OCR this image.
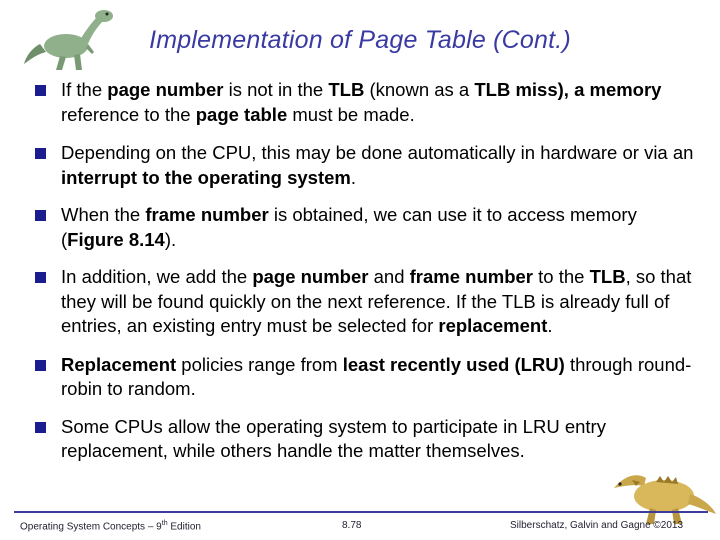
Implementation of Page Table (Cont.)
If the page number is not in the TLB (known as a TLB miss), a memory reference to the page table must be made.
Depending on the CPU, this may be done automatically in hardware or via an interrupt to the operating system.
When the frame number is obtained, we can use it to access memory (Figure 8.14).
In addition, we add the page number and frame number to the TLB, so that they will be found quickly on the next reference. If the TLB is already full of entries, an existing entry must be selected for replacement.
Replacement policies range from least recently used (LRU) through round-robin to random.
Some CPUs allow the operating system to participate in LRU entry replacement, while others handle the matter themselves.
Operating System Concepts – 9th Edition	8.78	Silberschatz, Galvin and Gagne ©2013
